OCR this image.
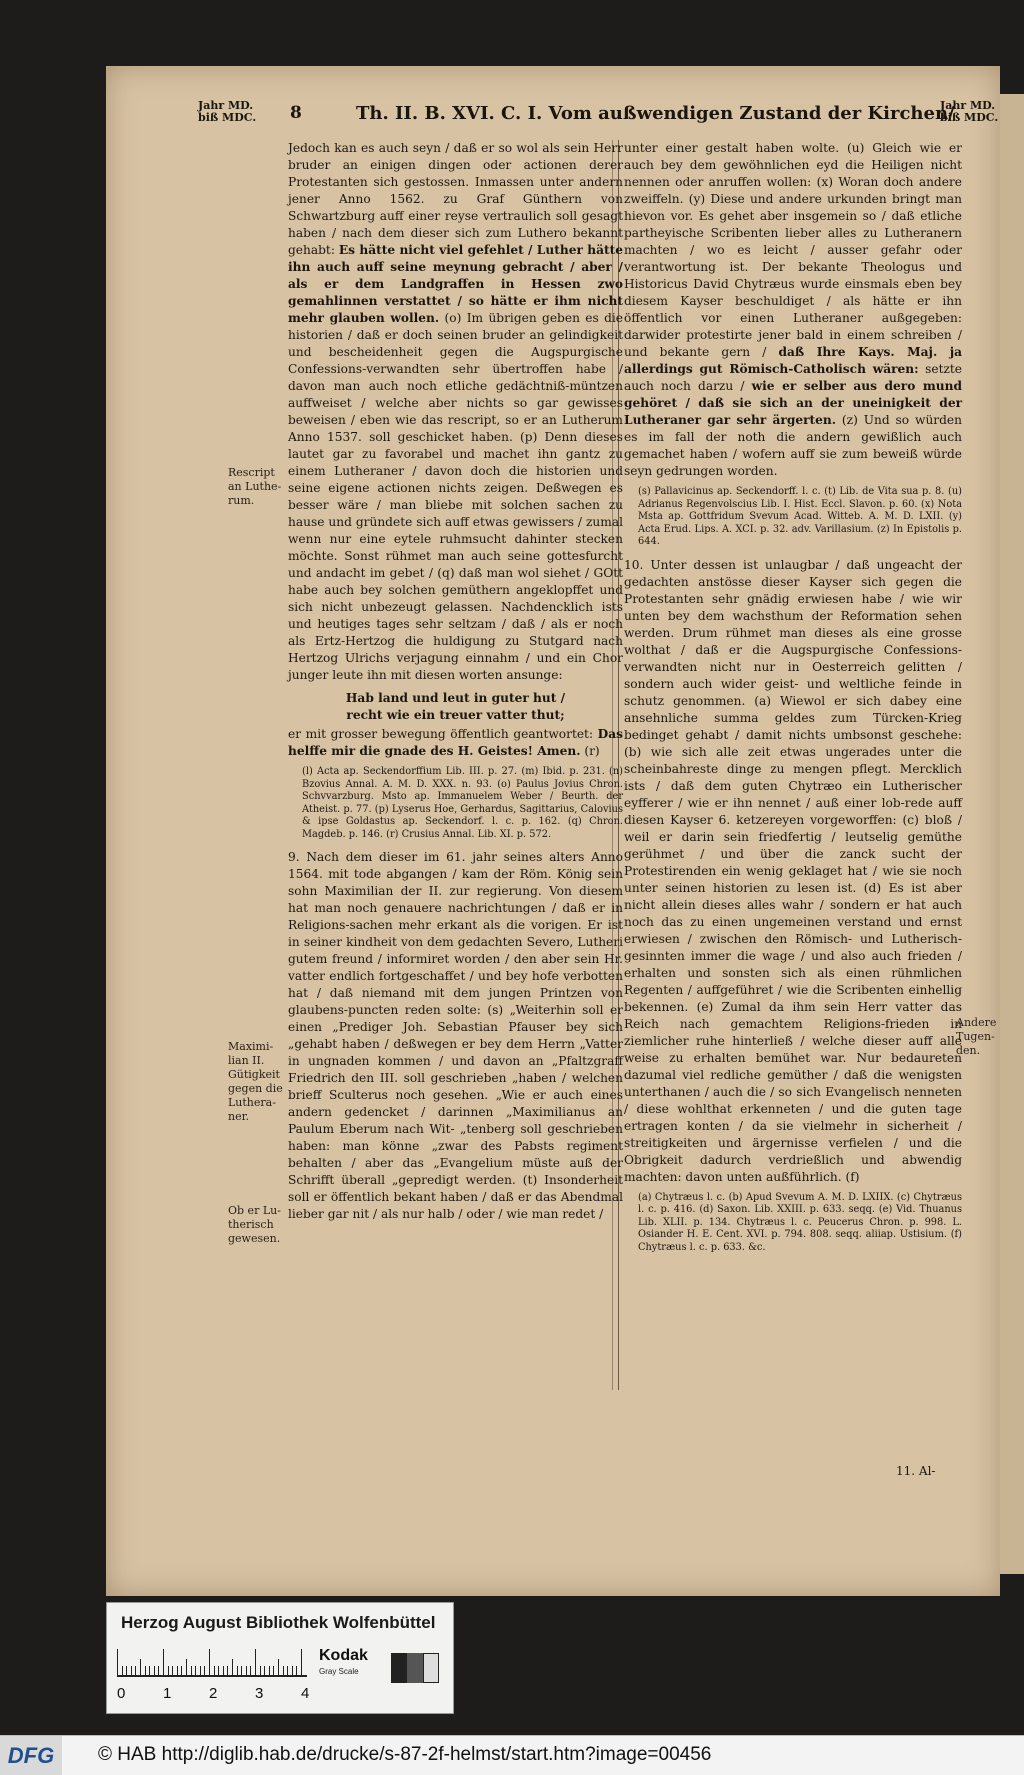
Jahr MD. biß MDC. 8	Th. II. B. XVI. C. I. Vom außwendigen Zustand der Kirchen/
Jahr MD. biß MDC.
Rescript
an Luthe-
rum.
Maximi-
lian II.
Gütigkeit
gegen die
Luthera-
ner.
Ob er Lu-
therisch
gewesen.
Andere
Tugen-
den.

Jedoch kan es auch seyn / daß er so wol als sein Herr bruder an einigen dingen oder actionen derer Protestanten sich gestossen. Inmassen unter andern jener Anno 1562. zu Graf Günthern von Schwartzburg auff einer reyse vertraulich soll gesagt haben / nach dem dieser sich zum Luthero bekannt gehabt: Es hätte nicht viel gefehlet / Luther hätte ihn auch auff seine meynung gebracht / aber / als er dem Landgraffen in Hessen zwo gemahlinnen verstattet / so hätte er ihm nicht mehr glauben wollen. (o) Im übrigen geben es die historien / daß er doch seinen bruder an gelindigkeit und bescheidenheit gegen die Augspurgische Confessions-verwandten sehr übertroffen habe / davon man auch noch etliche gedächtniß-müntzen auffweiset / welche aber nichts so gar gewisses beweisen / eben wie das rescript, so er an Lutherum Anno 1537. soll geschicket haben. (p) Denn dieses lautet gar zu favorabel und machet ihn gantz zu einem Lutheraner / davon doch die historien und seine eigene actionen nichts zeigen. Deßwegen es besser wäre / man bliebe mit solchen sachen zu hause und gründete sich auff etwas gewissers / zumal wenn nur eine eytele ruhmsucht dahinter stecken möchte. Sonst rühmet man auch seine gottesfurcht und andacht im gebet / (q) daß man wol siehet / GOtt habe auch bey solchen gemüthern angeklopffet und sich nicht unbezeugt gelassen. Nachdencklich ists und heutiges tages sehr seltzam / daß / als er noch als Ertz-Hertzog die huldigung zu Stutgard nach Hertzog Ulrichs verjagung einnahm / und ein Chor junger leute ihn mit diesen worten ansunge:

Hab land und leut in guter hut /

recht wie ein treuer vatter thut;

er mit grosser bewegung öffentlich geantwortet: Das helffe mir die gnade des H. Geistes! Amen. (r)

(l) Acta ap. Seckendorffium Lib. III. p. 27. (m) Ibid. p. 231. (n) Bzovius Annal. A. M. D. XXX. n. 93. (o) Paulus Jovius Chron. Schvvarzburg. Msto ap. Immanuelem Weber / Beurth. der Atheist. p. 77. (p) Lyserus Hoe, Gerhardus, Sagittarius, Calovius & ipse Goldastus ap. Seckendorf. l. c. p. 162. (q) Chron. Magdeb. p. 146. (r) Crusius Annal. Lib. XI. p. 572.

9. Nach dem dieser im 61. jahr seines alters Anno 1564. mit tode abgangen / kam der Röm. König sein sohn Maximilian der II. zur regierung. Von diesem hat man noch genauere nachrichtungen / daß er in Religions-sachen mehr erkant als die vorigen. Er ist in seiner kindheit von dem gedachten Severo, Lutheri gutem freund / informiret worden / den aber sein Hr. vatter endlich fortgeschaffet / und bey hofe verbotten hat / daß niemand mit dem jungen Printzen von glaubens-puncten reden solte: (s) „Weiterhin soll er einen „Prediger Joh. Sebastian Pfauser bey sich „gehabt haben / deßwegen er bey dem Herrn „Vatter in ungnaden kommen / und davon an „Pfaltzgraff Friedrich den III. soll geschrieben „haben / welchen brieff Sculterus noch gesehen. „Wie er auch eines andern gedencket / darinnen „Maximilianus an Paulum Eberum nach Wit- „tenberg soll geschrieben haben: man könne „zwar des Pabsts regiment behalten / aber das „Evangelium müste auß der Schrifft überall „gepredigt werden. (t) Insonderheit soll er öffentlich bekant haben / daß er das Abendmal lieber gar nit / als nur halb / oder / wie man redet /

unter einer gestalt haben wolte. (u) Gleich wie er auch bey dem gewöhnlichen eyd die Heiligen nicht nennen oder anruffen wollen: (x) Woran doch andere zweiffeln. (y) Diese und andere urkunden bringt man hievon vor. Es gehet aber insgemein so / daß etliche partheyische Scribenten lieber alles zu Lutheranern machten / wo es leicht / ausser gefahr oder verantwortung ist. Der bekante Theologus und Historicus David Chytræus wurde einsmals eben bey diesem Kayser beschuldiget / als hätte er ihn öffentlich vor einen Lutheraner außgegeben: darwider protestirte jener bald in einem schreiben / und bekante gern / daß Ihre Kays. Maj. ja allerdings gut Römisch-Catholisch wären: setzte auch noch darzu / wie er selber aus dero mund gehöret / daß sie sich an der uneinigkeit der Lutheraner gar sehr ärgerten. (z) Und so würden es im fall der noth die andern gewißlich auch gemachet haben / wofern auff sie zum beweiß würde seyn gedrungen worden.

(s) Pallavicinus ap. Seckendorff. l. c. (t) Lib. de Vita sua p. 8. (u) Adrianus Regenvolscius Lib. I. Hist. Eccl. Slavon. p. 60. (x) Nota Msta ap. Gottfridum Svevum Acad. Witteb. A. M. D. LXII. (y) Acta Erud. Lips. A. XCI. p. 32. adv. Varillasium. (z) In Epistolis p. 644.

10. Unter dessen ist unlaugbar / daß ungeacht der gedachten anstösse dieser Kayser sich gegen die Protestanten sehr gnädig erwiesen habe / wie wir unten bey dem wachsthum der Reformation sehen werden. Drum rühmet man dieses als eine grosse wolthat / daß er die Augspurgische Confessions-verwandten nicht nur in Oesterreich gelitten / sondern auch wider geist- und weltliche feinde in schutz genommen. (a) Wiewol er sich dabey eine ansehnliche summa geldes zum Türcken-Krieg bedinget gehabt / damit nichts umbsonst geschehe: (b) wie sich alle zeit etwas ungerades unter die scheinbahreste dinge zu mengen pflegt. Mercklich ists / daß dem guten Chytræo ein Lutherischer eyfferer / wie er ihn nennet / auß einer lob-rede auff diesen Kayser 6. ketzereyen vorgeworffen: (c) bloß / weil er darin sein friedfertig / leutselig gemüthe gerühmet / und über die zanck sucht der Protestirenden ein wenig geklaget hat / wie sie noch unter seinen historien zu lesen ist. (d) Es ist aber nicht allein dieses alles wahr / sondern er hat auch noch das zu einen ungemeinen verstand und ernst erwiesen / zwischen den Römisch- und Lutherisch-gesinnten immer die wage / und also auch frieden / erhalten und sonsten sich als einen rühmlichen Regenten / auffgeführet / wie die Scribenten einhellig bekennen. (e) Zumal da ihm sein Herr vatter das Reich nach gemachtem Religions-frieden in ziemlicher ruhe hinterließ / welche dieser auff alle weise zu erhalten bemühet war. Nur bedaureten dazumal viel redliche gemüther / daß die wenigsten unterthanen / auch die / so sich Evangelisch nenneten / diese wohlthat erkenneten / und die guten tage ertragen konten / da sie vielmehr in sicherheit / streitigkeiten und ärgernisse verfielen / und die Obrigkeit dadurch verdrießlich und abwendig machten: davon unten außführlich. (f)

(a) Chytræus l. c. (b) Apud Svevum A. M. D. LXIIX. (c) Chytræus l. c. p. 416. (d) Saxon. Lib. XXIII. p. 633. seqq. (e) Vid. Thuanus Lib. XLII. p. 134. Chytræus l. c. Peucerus Chron. p. 998. L. Osiander H. E. Cent. XVI. p. 794. 808. seqq. aliiap. Ustisium. (f) Chytræus l. c. p. 633. &c.

11. Al-
Herzog August Bibliothek Wolfenbüttel
0	1	2	3	4
Kodak
Gray Scale
DFG	© HAB http://diglib.hab.de/drucke/s-87-2f-helmst/start.htm?image=00456
